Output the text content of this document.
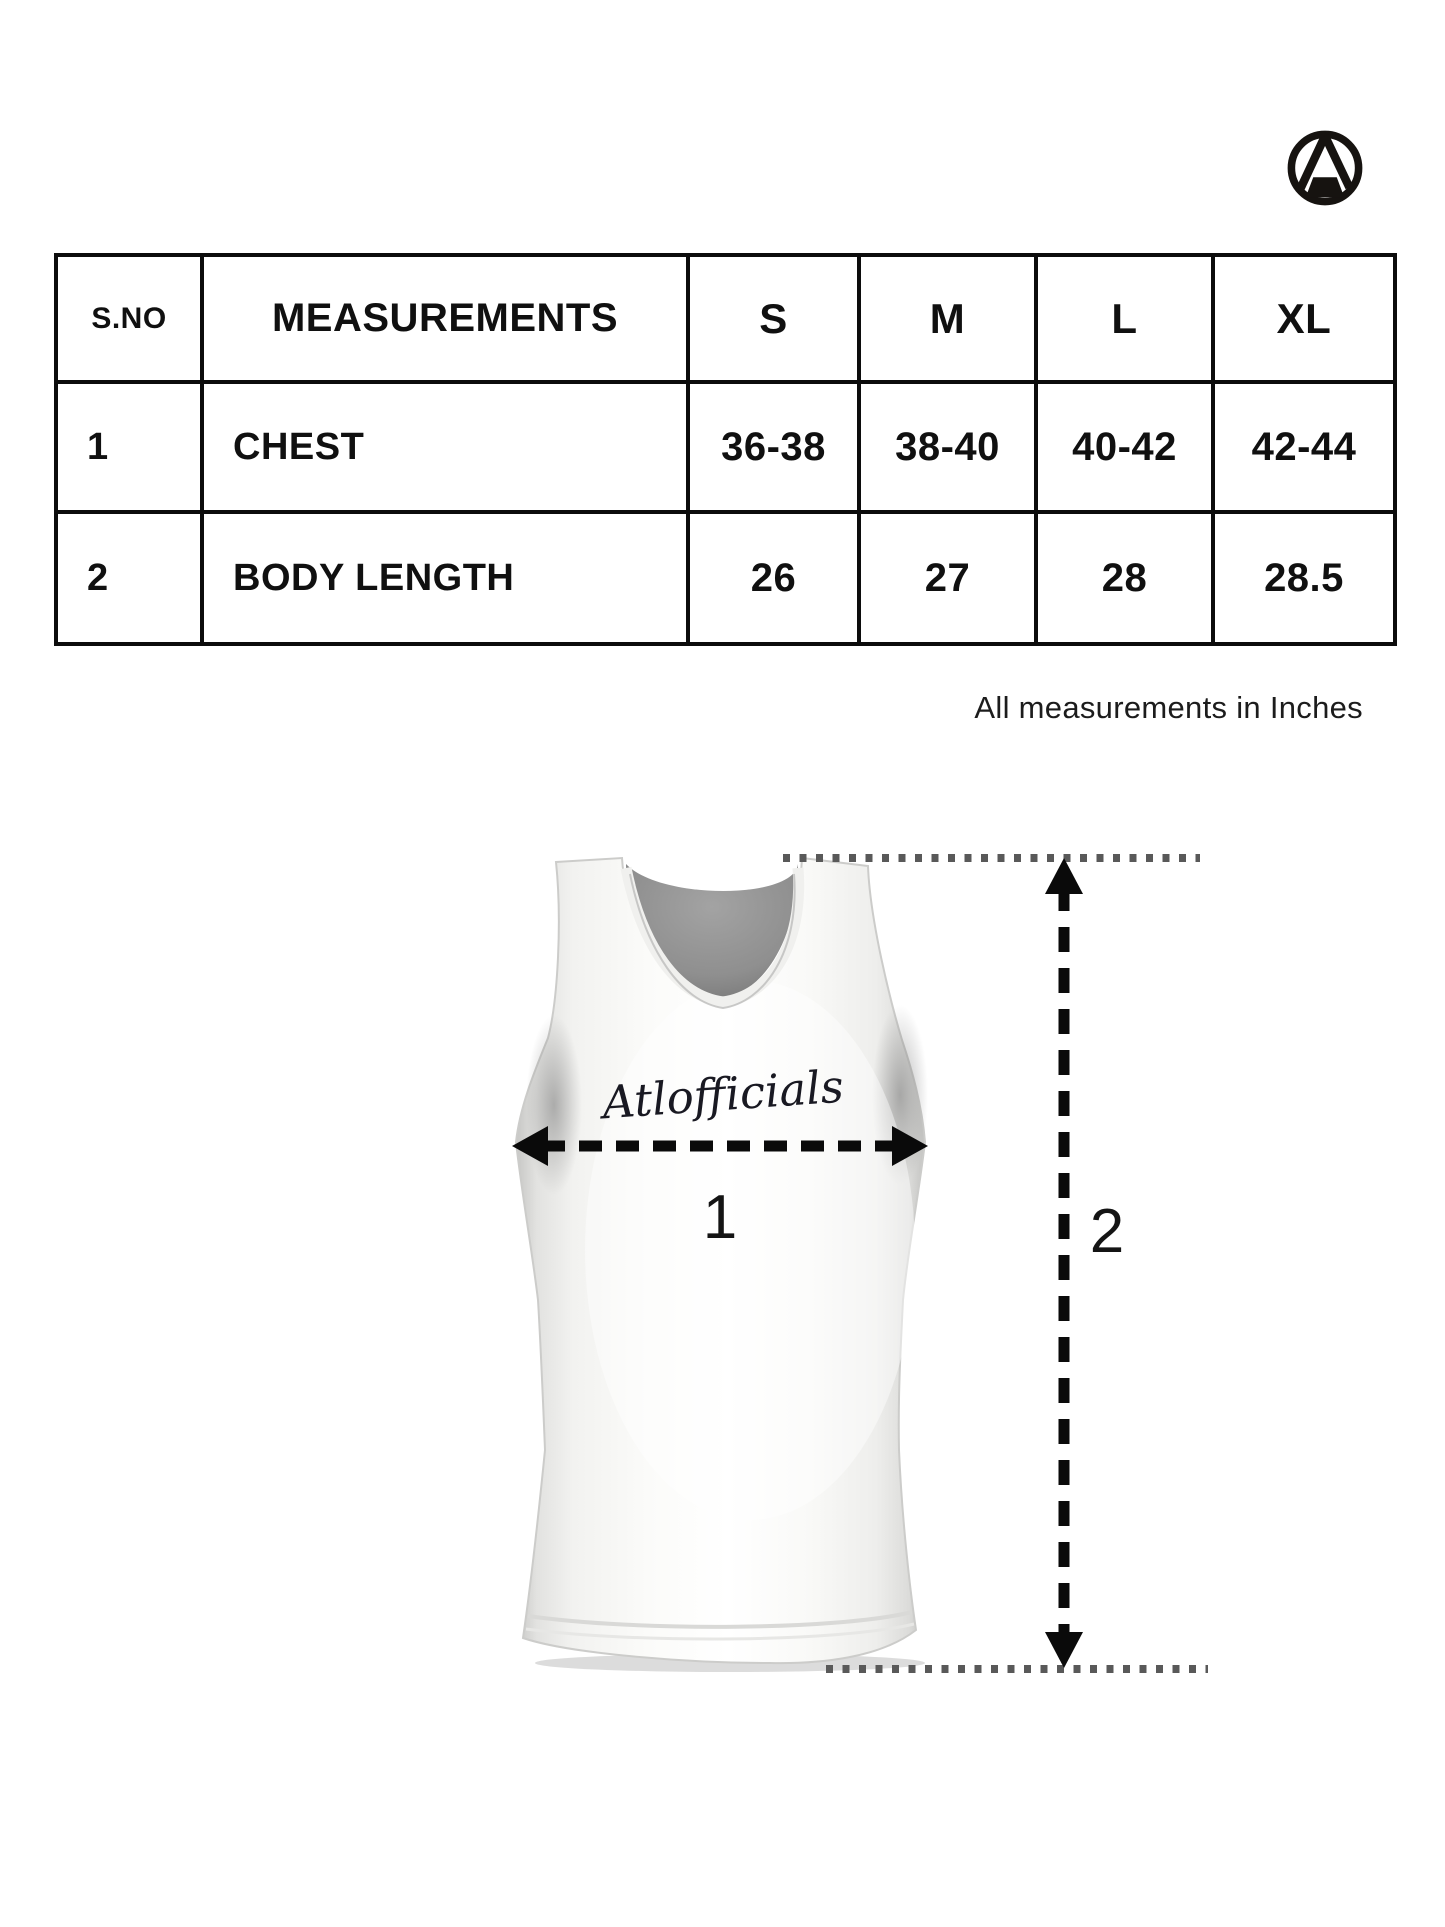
S.NO	MEASUREMENTS	S	M	L	XL
1	CHEST	36-38	38-40	40-42	42-44
2	BODY LENGTH	26	27	28	28.5
All measurements in Inches
Atlofficials
1	2
